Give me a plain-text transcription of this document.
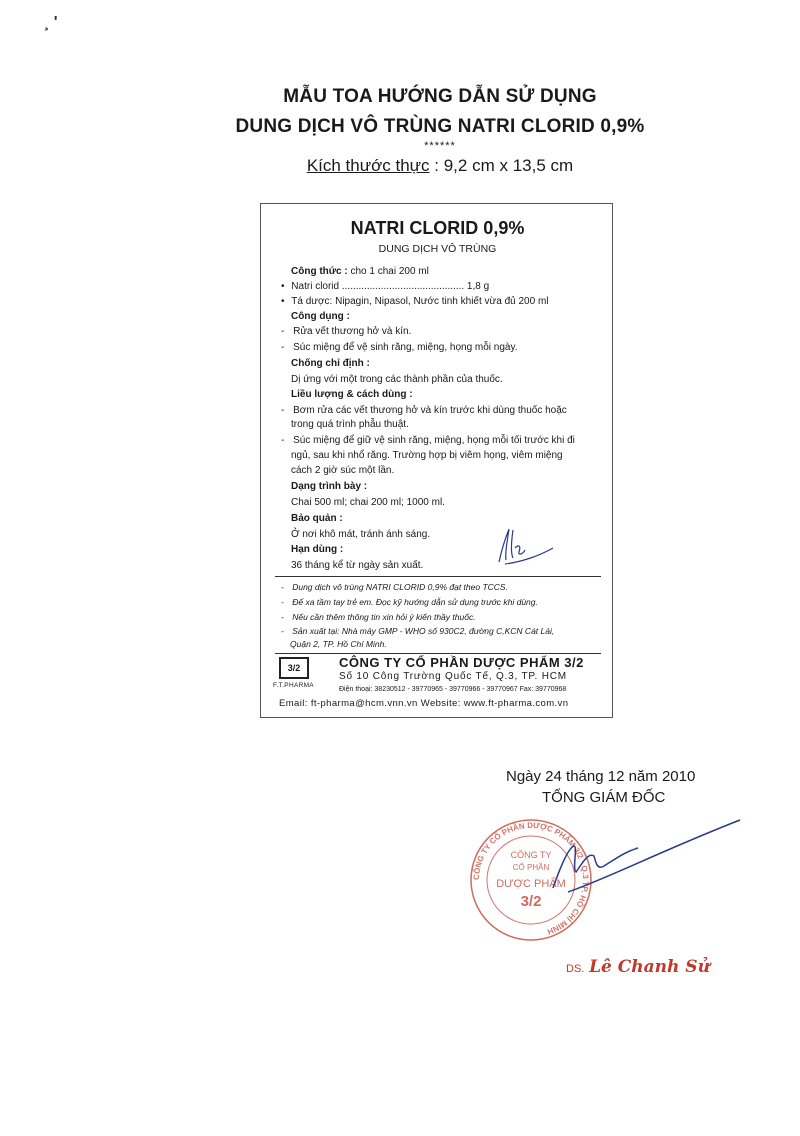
¸ '
MẪU TOA HƯỚNG DẪN SỬ DỤNG
DUNG DỊCH VÔ TRÙNG NATRI CLORID 0,9%
******
Kích thước thực : 9,2 cm x 13,5 cm
NATRI CLORID 0,9%
DUNG DỊCH VÔ TRÙNG
Công thức : cho 1 chai 200 ml
• Natri clorid ............................................ 1,8 g
• Tá dược: Nipagin, Nipasol, Nước tinh khiết vừa đủ 200 ml
Công dụng :
- Rửa vết thương hở và kín.
- Súc miệng để vệ sinh răng, miệng, họng mỗi ngày.
Chống chỉ định :
Dị ứng với một trong các thành phần của thuốc.
Liều lượng & cách dùng :
- Bơm rửa các vết thương hở và kín trước khi dùng thuốc hoặc
trong quá trình phẫu thuật.
- Súc miệng để giữ vệ sinh răng, miệng, họng mỗi tối trước khi đi
ngủ, sau khi nhổ răng. Trường hợp bị viêm họng, viêm miệng
cách 2 giờ súc một lần.
Dạng trình bày :
Chai 500 ml; chai 200 ml; 1000 ml.
Bảo quản :
Ở nơi khô mát, tránh ánh sáng.
Hạn dùng :
36 tháng kể từ ngày sản xuất.
- Dung dịch vô trùng NATRI CLORID 0,9% đạt theo TCCS.
- Để xa tầm tay trẻ em. Đọc kỹ hướng dẫn sử dụng trước khi dùng.
- Nếu cần thêm thông tin xin hỏi ý kiến thầy thuốc.
- Sản xuất tại: Nhà máy GMP - WHO số 930C2, đường C,KCN Cát Lái,
Quận 2, TP. Hồ Chí Minh.
3/2
F.T.PHARMA
CÔNG TY CỔ PHẦN DƯỢC PHẨM 3/2
Số 10 Công Trường Quốc Tế, Q.3, TP. HCM
Điện thoại: 38230512 - 39770965 - 39770966 - 39770967 Fax: 39770968
Email: ft-pharma@hcm.vnn.vn Website: www.ft-pharma.com.vn
Ngày 24 tháng 12 năm 2010
TỔNG GIÁM ĐỐC
CÔNG TY CỔ PHẦN DƯỢC PHẨM 3/2 · Q.3 TP. HỒ CHÍ MINH
CÔNG TY
CỔ PHẦN
DƯỢC PHẨM
3/2
DS. Lê Chanh Sử
